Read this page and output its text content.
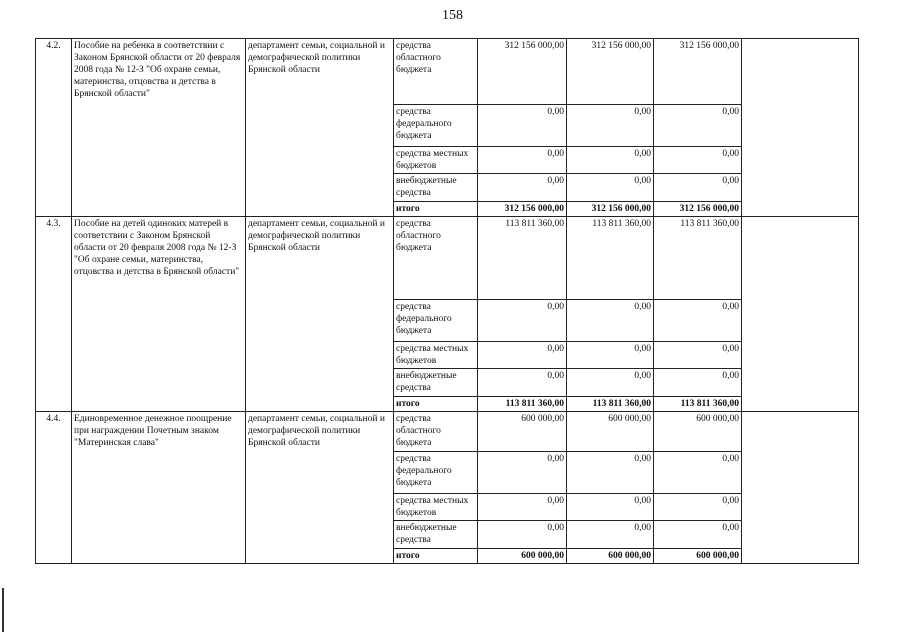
158
4.2.	Пособие на ребенка в соответствии с Законом Брянской области от 20 февраля 2008 года № 12-З "Об охране семьи, материнства, отцовства и детства в Брянской области"	департамент семьи, социальной и демографической политики Брянской области	средства областного бюджета	312 156 000,00	312 156 000,00	312 156 000,00	
			средства федерального бюджета	0,00	0,00	0,00	
			средства местных бюджетов	0,00	0,00	0,00	
			внебюджетные средства	0,00	0,00	0,00	
			итого	312 156 000,00	312 156 000,00	312 156 000,00	
4.3.	Пособие на детей одиноких матерей в соответствии с Законом Брянской области от 20 февраля 2008 года № 12-З "Об охране семьи, материнства, отцовства и детства в Брянской области"	департамент семьи, социальной и демографической политики Брянской области	средства областного бюджета	113 811 360,00	113 811 360,00	113 811 360,00	
			средства федерального бюджета	0,00	0,00	0,00	
			средства местных бюджетов	0,00	0,00	0,00	
			внебюджетные средства	0,00	0,00	0,00	
			итого	113 811 360,00	113 811 360,00	113 811 360,00	
4.4.	Единовременное денежное поощрение при награждении Почетным знаком "Материнская слава"	департамент семьи, социальной и демографической политики Брянской области	средства областного бюджета	600 000,00	600 000,00	600 000,00	
			средства федерального бюджета	0,00	0,00	0,00	
			средства местных бюджетов	0,00	0,00	0,00	
			внебюджетные средства	0,00	0,00	0,00	
			итого	600 000,00	600 000,00	600 000,00	
